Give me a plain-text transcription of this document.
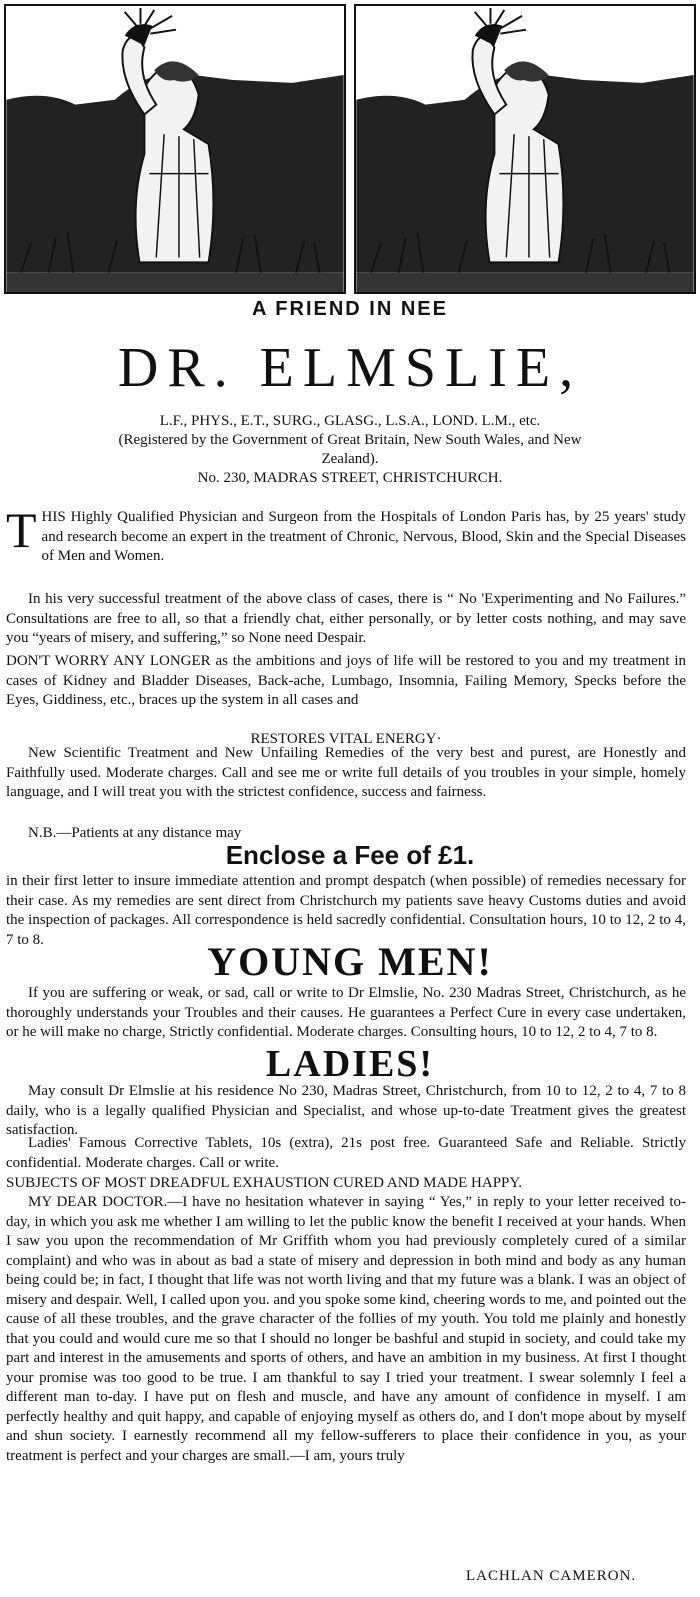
A FRIEND IN NEE
DR. ELMSLIE,
L.F., PHYS., E.T., SURG., GLASG., L.S.A., LOND. L.M., etc.
(Registered by the Government of Great Britain, New South Wales, and New
Zealand).
No. 230, MADRAS STREET, CHRISTCHURCH.
T HIS Highly Qualified Physician and Surgeon from the Hospitals of London Paris has, by 25 years' study and research become an expert in the treatment of Chronic, Nervous, Blood, Skin and the Special Diseases of Men and Women.
In his very successful treatment of the above class of cases, there is “ No 'Experimenting and No Failures.” Consultations are free to all, so that a friendly chat, either personally, or by letter costs nothing, and may save you “years of misery, and suffering,” so None need Despair.
DON'T WORRY ANY LONGER as the ambitions and joys of life will be restored to you and my treatment in cases of Kidney and Bladder Diseases, Back-ache, Lumbago, Insomnia, Failing Memory, Specks before the Eyes, Giddiness, etc., braces up the system in all cases and
RESTORES VITAL ENERGY·
New Scientific Treatment and New Unfailing Remedies of the very best and purest, are Honestly and Faithfully used. Moderate charges. Call and see me or write full details of you troubles in your simple, homely language, and I will treat you with the strictest confidence, success and fairness.
N.B.—Patients at any distance may
Enclose a Fee of £1.
in their first letter to insure immediate attention and prompt despatch (when possible) of remedies necessary for their case. As my remedies are sent direct from Christchurch my patients save heavy Customs duties and avoid the inspection of packages. All correspondence is held sacredly confidential. Consultation hours, 10 to 12, 2 to 4, 7 to 8.	YOUNG MEN!
If you are suffering or weak, or sad, call or write to Dr Elmslie, No. 230 Madras Street, Christchurch, as he thoroughly understands your Troubles and their causes. He guarantees a Perfect Cure in every case undertaken, or he will make no charge, Strictly confidential. Moderate charges. Consulting hours, 10 to 12, 2 to 4, 7 to 8.
LADIES!
May consult Dr Elmslie at his residence No 230, Madras Street, Christchurch, from 10 to 12, 2 to 4, 7 to 8 daily, who is a legally qualified Physician and Specialist, and whose up-to-date Treatment gives the greatest satisfaction.
Ladies' Famous Corrective Tablets, 10s (extra), 21s post free. Guaranteed Safe and Reliable. Strictly confidential. Moderate charges. Call or write.
SUBJECTS OF MOST DREADFUL EXHAUSTION CURED AND MADE HAPPY.
MY DEAR DOCTOR.—I have no hesitation whatever in saying “ Yes,” in reply to your letter received to-day, in which you ask me whether I am willing to let the public know the benefit I received at your hands. When I saw you upon the recommendation of Mr Griffith whom you had previously completely cured of a similar complaint) and who was in about as bad a state of misery and depression in both mind and body as any human being could be; in fact, I thought that life was not worth living and that my future was a blank. I was an object of misery and despair. Well, I called upon you. and you spoke some kind, cheering words to me, and pointed out the cause of all these troubles, and the grave character of the follies of my youth. You told me plainly and honestly that you could and would cure me so that I should no longer be bashful and stupid in society, and could take my part and interest in the amusements and sports of others, and have an ambition in my business. At first I thought your promise was too good to be true. I am thankful to say I tried your treatment. I swear solemnly I feel a different man to-day. I have put on flesh and muscle, and have any amount of confidence in myself. I am perfectly healthy and quit happy, and capable of enjoying myself as others do, and I don't mope about by myself and shun society. I earnestly recommend all my fellow-sufferers to place their confidence in you, as your treatment is perfect and your charges are small.—I am, yours truly
LACHLAN CAMERON.
